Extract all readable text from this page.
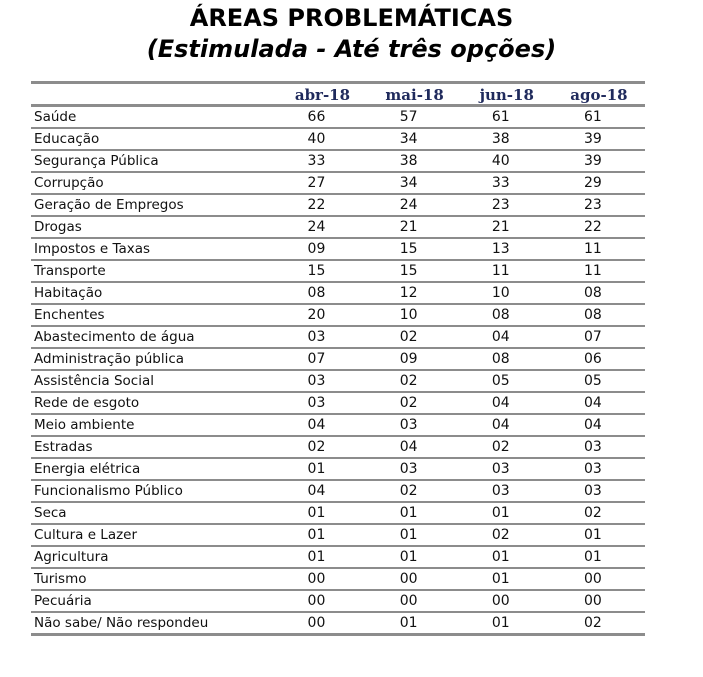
ÁREAS PROBLEMÁTICAS
(Estimulada - Até três opções)
	abr-18	mai-18	jun-18	ago-18
Saúde	66	57	61	61
Educação	40	34	38	39
Segurança Pública	33	38	40	39
Corrupção	27	34	33	29
Geração de Empregos	22	24	23	23
Drogas	24	21	21	22
Impostos e Taxas	09	15	13	11
Transporte	15	15	11	11
Habitação	08	12	10	08
Enchentes	20	10	08	08
Abastecimento de água	03	02	04	07
Administração pública	07	09	08	06
Assistência Social	03	02	05	05
Rede de esgoto	03	02	04	04
Meio ambiente	04	03	04	04
Estradas	02	04	02	03
Energia elétrica	01	03	03	03
Funcionalismo Público	04	02	03	03
Seca	01	01	01	02
Cultura e Lazer	01	01	02	01
Agricultura	01	01	01	01
Turismo	00	00	01	00
Pecuária	00	00	00	00
Não sabe/ Não respondeu	00	01	01	02
